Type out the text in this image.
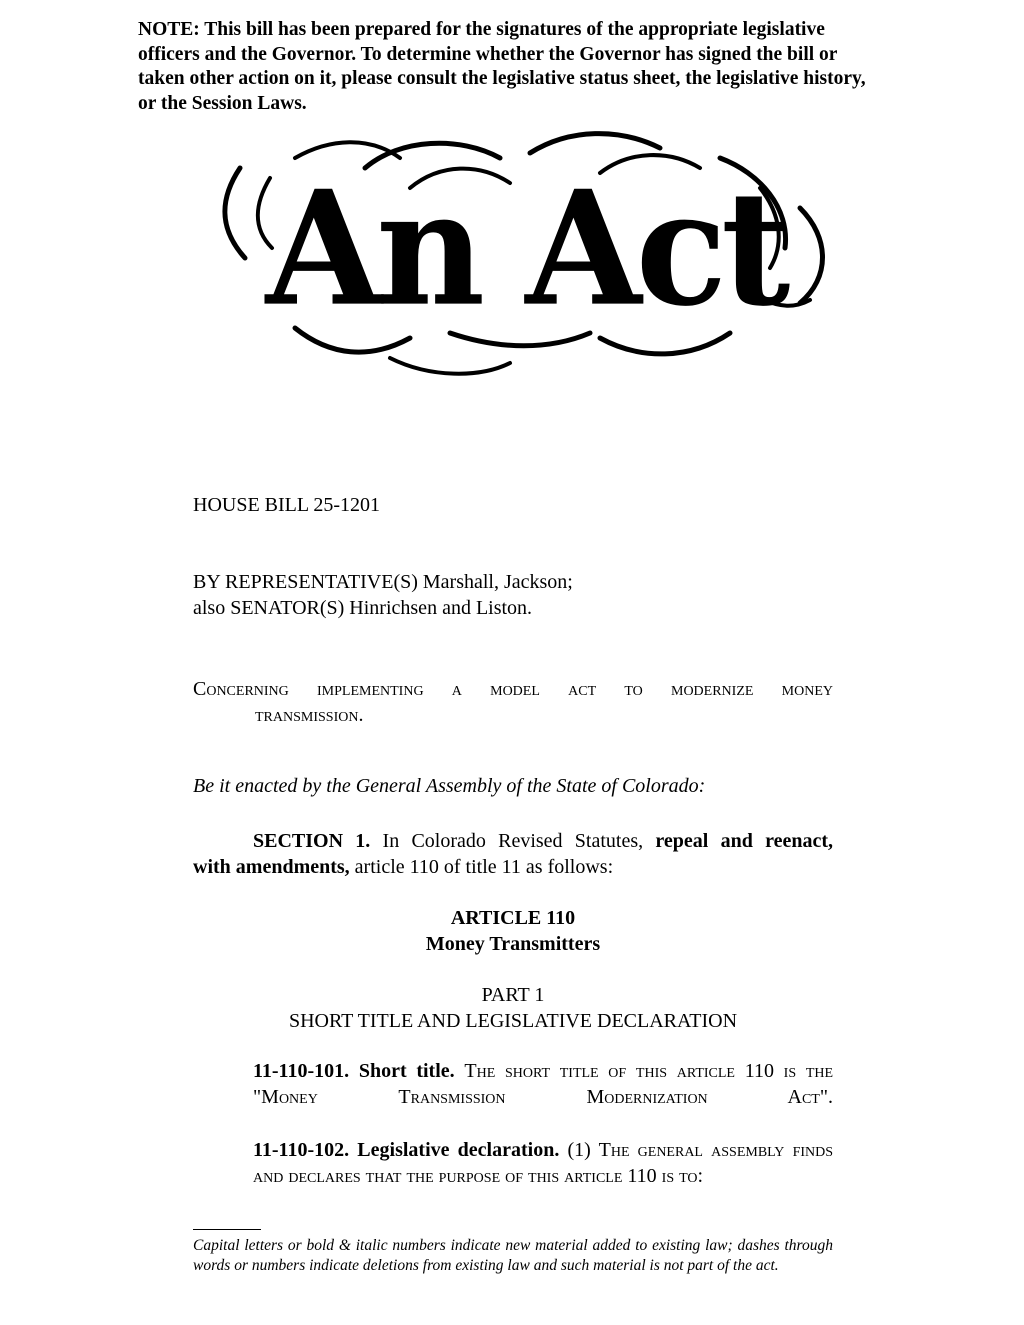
NOTE: This bill has been prepared for the signatures of the appropriate legislative officers and the Governor. To determine whether the Governor has signed the bill or taken other action on it, please consult the legislative status sheet, the legislative history, or the Session Laws.
An Act
HOUSE BILL 25-1201
BY REPRESENTATIVE(S) Marshall, Jackson;
also SENATOR(S) Hinrichsen and Liston.
Concerning implementing a model act to modernize money
transmission.
Be it enacted by the General Assembly of the State of Colorado:
SECTION 1. In Colorado Revised Statutes, repeal and reenact,
with amendments, article 110 of title 11 as follows:
ARTICLE 110
Money Transmitters
PART 1
SHORT TITLE AND LEGISLATIVE DECLARATION
11-110-101. Short title. The short title of this article 110 is the "Money Transmission Modernization Act".
11-110-102. Legislative declaration. (1) The general assembly finds and declares that the purpose of this article 110 is to:
Capital letters or bold & italic numbers indicate new material added to existing law; dashes through words or numbers indicate deletions from existing law and such material is not part of the act.
